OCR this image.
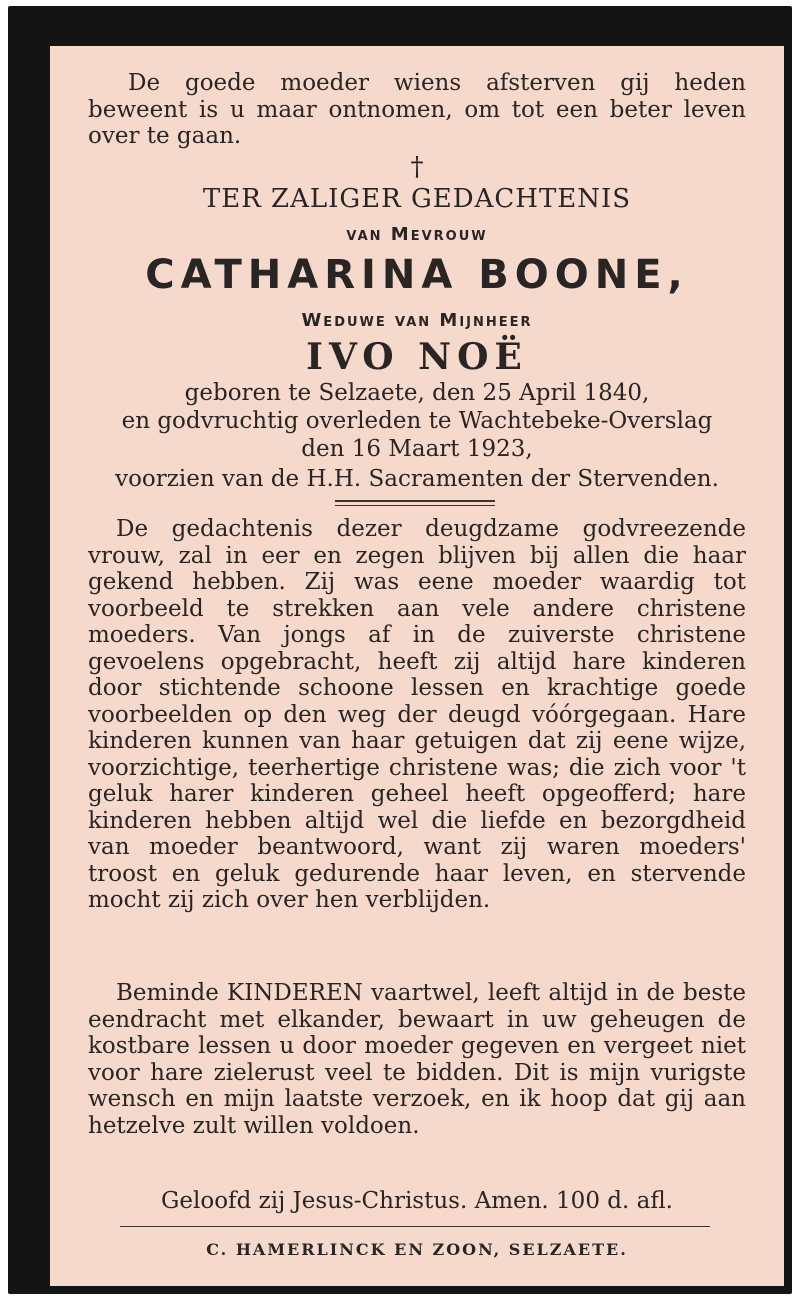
De goede moeder wiens afsterven gij heden beweent is u maar ontnomen, om tot een beter leven over te gaan.
†
TER ZALIGER GEDACHTENIS
van Mevrouw
CATHARINA BOONE,
Weduwe van Mijnheer
IVO NOË
geboren te Selzaete, den 25 April 1840,
en godvruchtig overleden te Wachtebeke-Overslag
den 16 Maart 1923,
voorzien van de H.H. Sacramenten der Stervenden.
De gedachtenis dezer deugdzame godvreezende vrouw, zal in eer en zegen blijven bij allen die haar gekend hebben. Zij was eene moeder waardig tot voorbeeld te strekken aan vele andere christene moeders. Van jongs af in de zuiverste christene gevoelens opgebracht, heeft zij altijd hare kinderen door stichtende schoone lessen en krachtige goede voorbeelden op den weg der deugd vóórgegaan. Hare kinderen kunnen van haar getuigen dat zij eene wijze, voorzichtige, teerhertige christene was; die zich voor 't geluk harer kinderen geheel heeft opgeofferd; hare kinderen hebben altijd wel die liefde en bezorgdheid van moeder beantwoord, want zij waren moeders' troost en geluk gedurende haar leven, en stervende mocht zij zich over hen verblijden.
Beminde KINDEREN vaartwel, leeft altijd in de beste eendracht met elkander, bewaart in uw geheugen de kostbare lessen u door moeder gegeven en vergeet niet voor hare zielerust veel te bidden. Dit is mijn vurigste wensch en mijn laatste verzoek, en ik hoop dat gij aan hetzelve zult willen voldoen.
Geloofd zij Jesus-Christus. Amen. 100 d. afl.
C. HAMERLINCK EN ZOON, SELZAETE.
